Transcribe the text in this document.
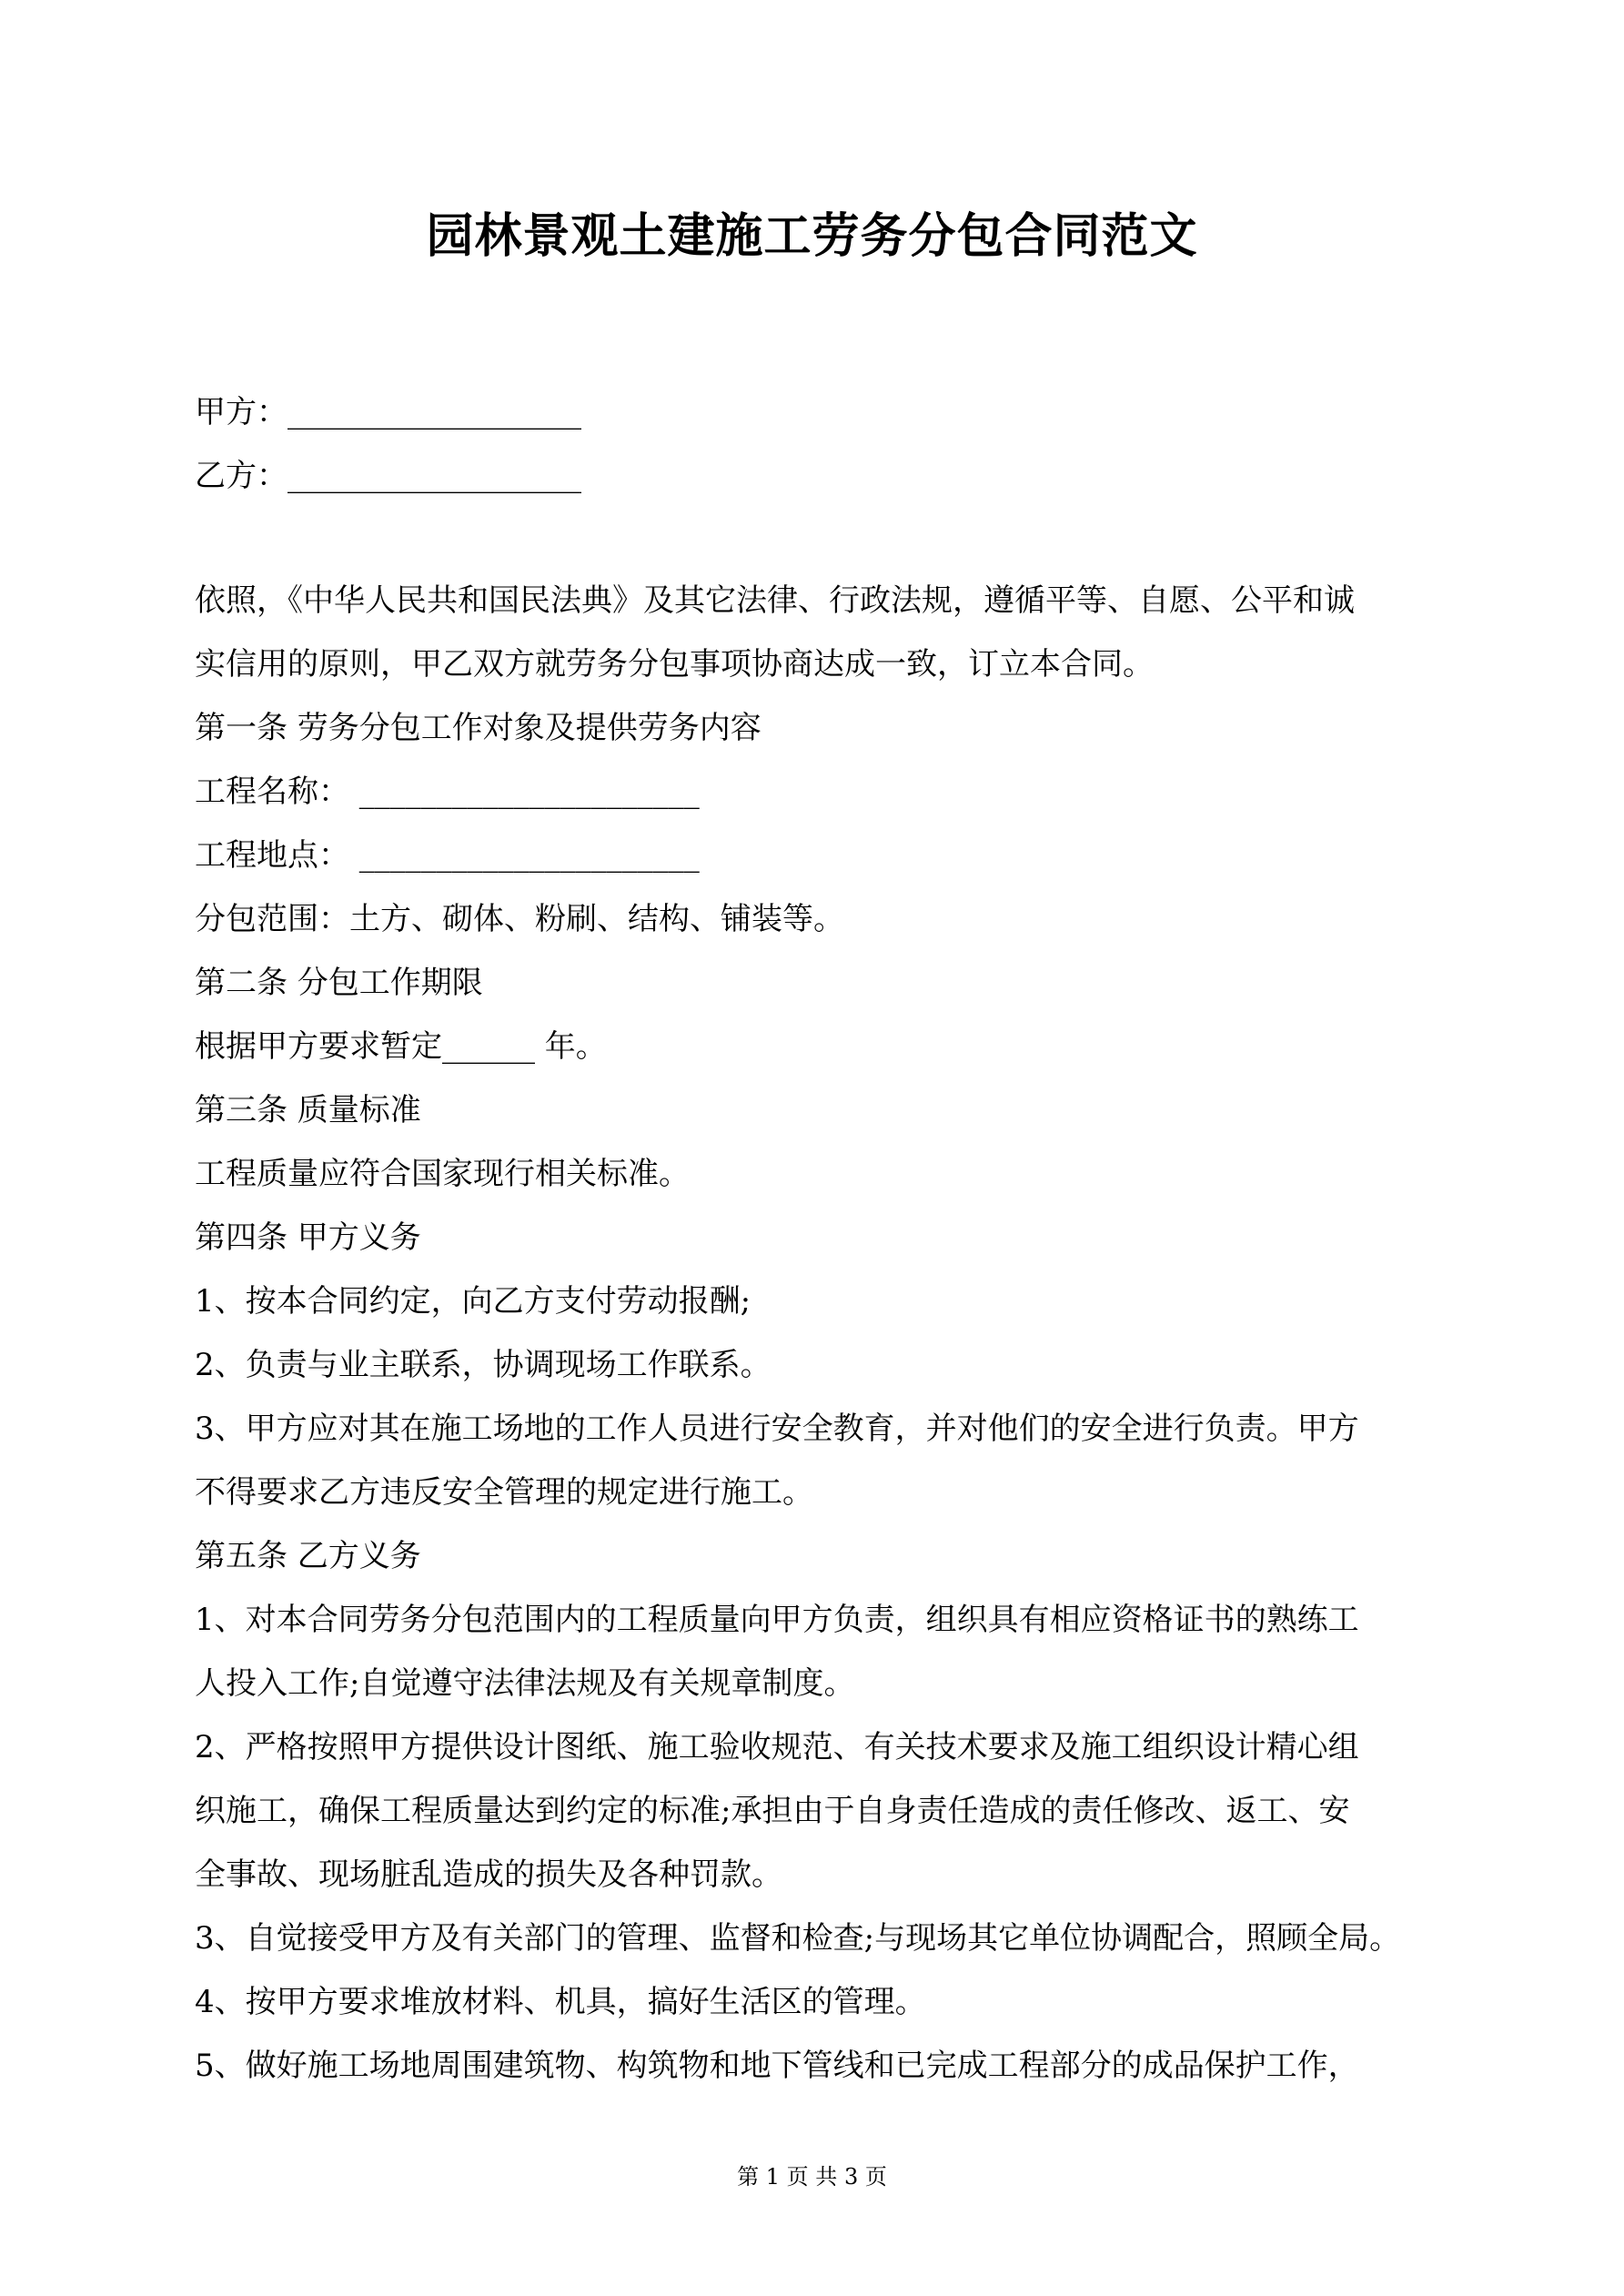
园林景观土建施工劳务分包合同范文
甲方：___________________
乙方：___________________
依照，《中华人民共和国民法典》及其它法律、行政法规，遵循平等、自愿、公平和诚
实信用的原则，甲乙双方就劳务分包事项协商达成一致，订立本合同。
第一条 劳务分包工作对象及提供劳务内容
工程名称： ______________________
工程地点： ______________________
分包范围：土方、砌体、粉刷、结构、铺装等。
第二条 分包工作期限
根据甲方要求暂定______ 年。
第三条 质量标准
工程质量应符合国家现行相关标准。
第四条 甲方义务
1、按本合同约定，向乙方支付劳动报酬;
2、负责与业主联系，协调现场工作联系。
3、甲方应对其在施工场地的工作人员进行安全教育，并对他们的安全进行负责。甲方
不得要求乙方违反安全管理的规定进行施工。
第五条 乙方义务
1、对本合同劳务分包范围内的工程质量向甲方负责，组织具有相应资格证书的熟练工
人投入工作;自觉遵守法律法规及有关规章制度。
2、严格按照甲方提供设计图纸、施工验收规范、有关技术要求及施工组织设计精心组
织施工，确保工程质量达到约定的标准;承担由于自身责任造成的责任修改、返工、安
全事故、现场脏乱造成的损失及各种罚款。
3、自觉接受甲方及有关部门的管理、监督和检查;与现场其它单位协调配合，照顾全局。
4、按甲方要求堆放材料、机具，搞好生活区的管理。
5、做好施工场地周围建筑物、构筑物和地下管线和已完成工程部分的成品保护工作，
第 1 页 共 3 页
